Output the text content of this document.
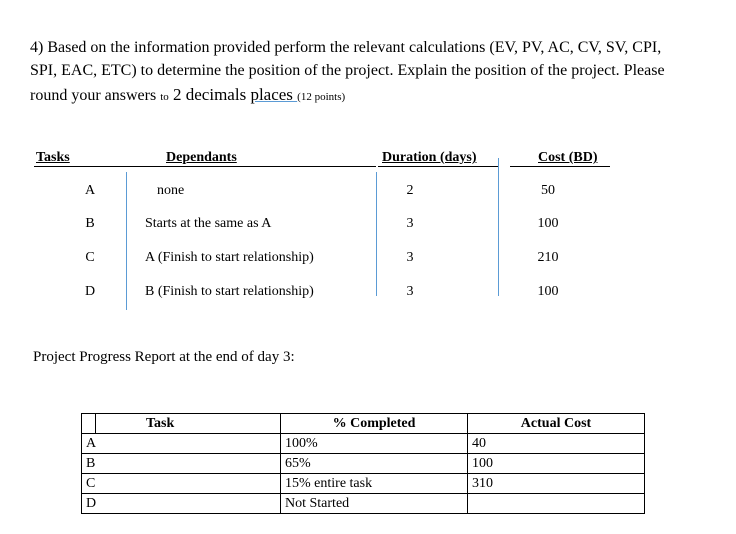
4) Based on the information provided perform the relevant calculations (EV, PV, AC, CV, SV, CPI,
SPI, EAC, ETC) to determine the position of the project. Explain the position of the project. Please
round your answers to 2 decimals places (12 points)
Tasks	Dependants	Duration (days)	Cost (BD)
A	none	2	50
B	Starts at the same as A	3	100
C	A (Finish to start relationship)	3	210
D	B (Finish to start relationship)	3	100
Project Progress Report at the end of day 3:
	Task	% Completed	Actual Cost
A		100%	40
B		65%	100
C		15% entire task	310
D		Not Started	
